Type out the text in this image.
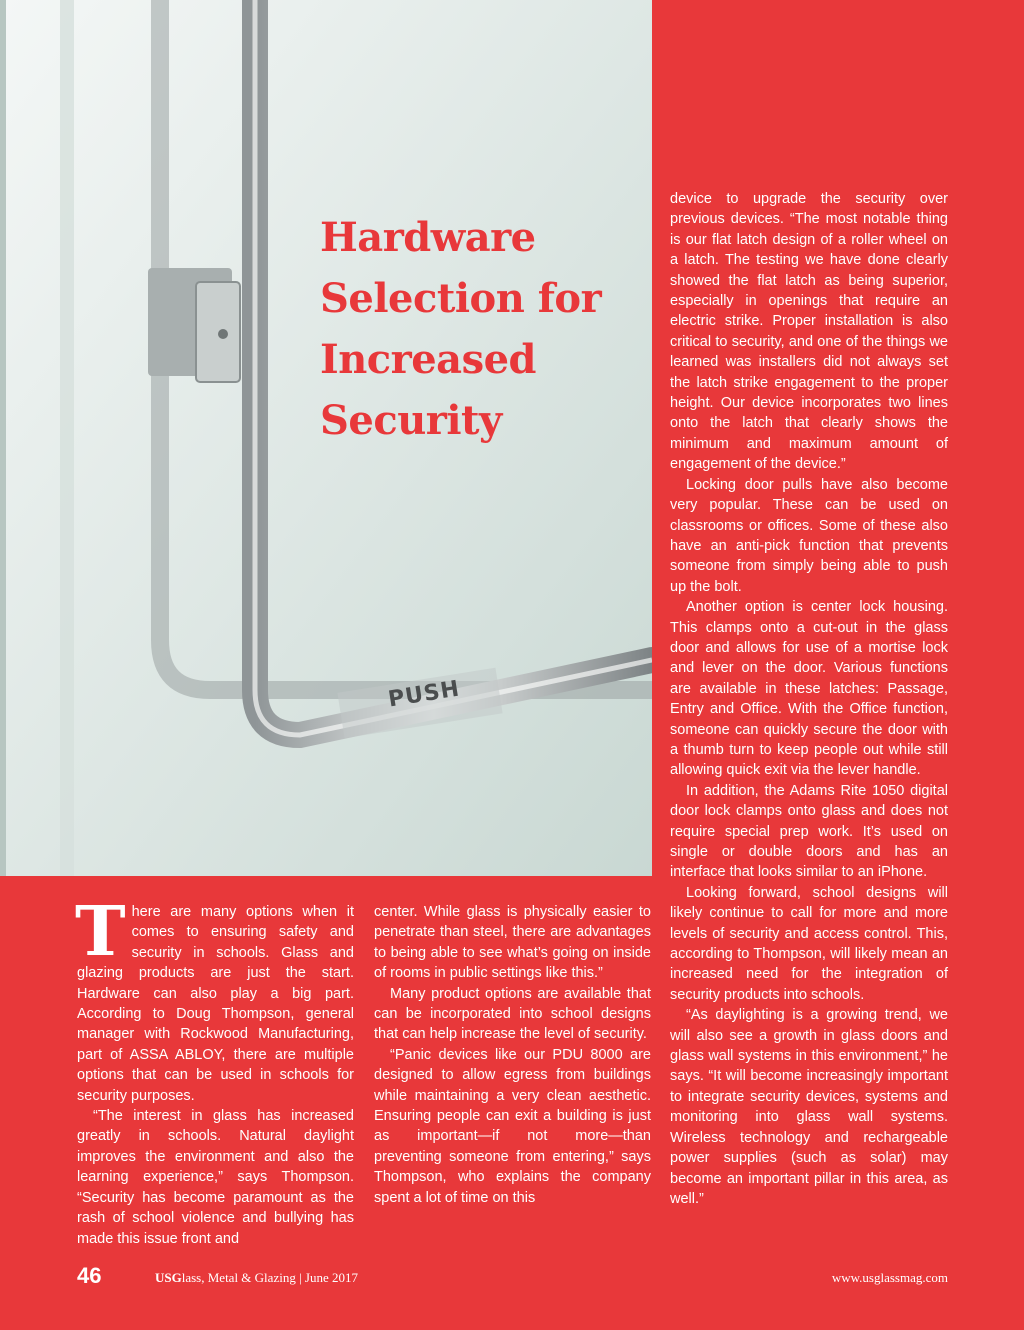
PUSH
Hardware
Selection for
Increased
Security

There are many options when it comes to ensuring safety and security in schools. Glass and glazing products are just the start. Hardware can also play a big part. According to Doug Thompson, general manager with Rockwood Manufacturing, part of ASSA ABLOY, there are multiple options that can be used in schools for security purposes.

“The interest in glass has increased greatly in schools. Natural daylight improves the environment and also the learning experience,” says Thompson. “Security has become paramount as the rash of school violence and bullying has made this issue front and

center. While glass is physically easier to penetrate than steel, there are advantages to being able to see what’s going on inside of rooms in public settings like this.”

Many product options are available that can be incorporated into school designs that can help increase the level of security.

“Panic devices like our PDU 8000 are designed to allow egress from buildings while maintaining a very clean aesthetic. Ensuring people can exit a building is just as important—if not more—than preventing someone from entering,” says Thompson, who explains the company spent a lot of time on this

device to upgrade the security over previous devices. “The most notable thing is our flat latch design of a roller wheel on a latch. The testing we have done clearly showed the flat latch as being superior, especially in openings that require an electric strike. Proper installation is also critical to security, and one of the things we learned was installers did not always set the latch strike engagement to the proper height. Our device incorporates two lines onto the latch that clearly shows the minimum and maximum amount of engagement of the device.”

Locking door pulls have also become very popular. These can be used on classrooms or offices. Some of these also have an anti-pick function that prevents someone from simply being able to push up the bolt.

Another option is center lock housing. This clamps onto a cut-out in the glass door and allows for use of a mortise lock and lever on the door. Various functions are available in these latches: Passage, Entry and Office. With the Office function, someone can quickly secure the door with a thumb turn to keep people out while still allowing quick exit via the lever handle.

In addition, the Adams Rite 1050 digital door lock clamps onto glass and does not require special prep work. It’s used on single or double doors and has an interface that looks similar to an iPhone.

Looking forward, school designs will likely continue to call for more and more levels of security and access control. This, according to Thompson, will likely mean an increased need for the integration of security products into schools.

“As daylighting is a growing trend, we will also see a growth in glass doors and glass wall systems in this environment,” he says. “It will become increasingly important to integrate security devices, systems and monitoring into glass wall systems. Wireless technology and rechargeable power supplies (such as solar) may become an important pillar in this area, as well.”

46	USGlass, Metal & Glazing | June 2017	www.usglassmag.com
